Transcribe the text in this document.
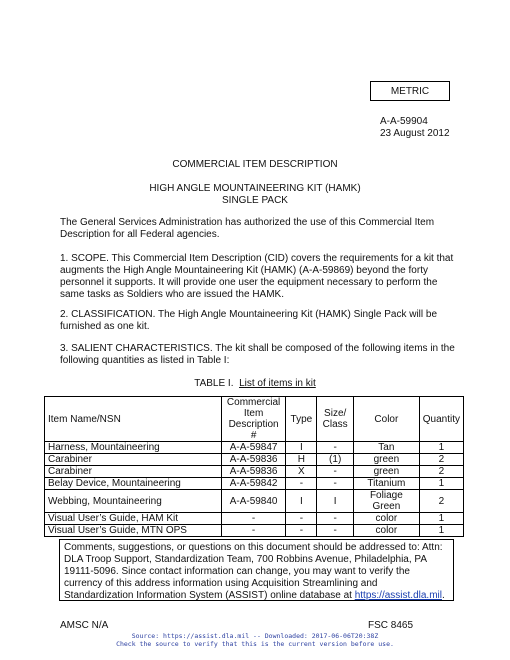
METRIC
A-A-59904
23 August 2012
COMMERCIAL ITEM DESCRIPTION
HIGH ANGLE MOUNTAINEERING KIT (HAMK)
SINGLE PACK
The General Services Administration has authorized the use of this Commercial Item Description for all Federal agencies.
1. SCOPE. This Commercial Item Description (CID) covers the requirements for a kit that augments the High Angle Mountaineering Kit (HAMK) (A-A-59869) beyond the forty personnel it supports. It will provide one user the equipment necessary to perform the same tasks as Soldiers who are issued the HAMK.
2. CLASSIFICATION. The High Angle Mountaineering Kit (HAMK) Single Pack will be furnished as one kit.
3. SALIENT CHARACTERISTICS. The kit shall be composed of the following items in the following quantities as listed in Table I:
TABLE I. List of items in kit
Item Name/NSN	Commercial Item Description #	Type	Size/ Class	Color	Quantity
Harness, Mountaineering	A-A-59847	I	-	Tan	1
Carabiner	A-A-59836	H	(1)	green	2
Carabiner	A-A-59836	X	-	green	2
Belay Device, Mountaineering	A-A-59842	-	-	Titanium	1
Webbing, Mountaineering	A-A-59840	I	I	Foliage Green	2
Visual User’s Guide, HAM Kit	-	-	-	color	1
Visual User’s Guide, MTN OPS	-	-	-	color	1
Comments, suggestions, or questions on this document should be addressed to: Attn: DLA Troop Support, Standardization Team, 700 Robbins Avenue, Philadelphia, PA 19111-5096. Since contact information can change, you may want to verify the currency of this address information using Acquisition Streamlining and Standardization Information System (ASSIST) online database at https://assist.dla.mil.
AMSC N/A	FSC 8465
Source: https://assist.dla.mil -- Downloaded: 2017-06-06T20:38Z
Check the source to verify that this is the current version before use.
